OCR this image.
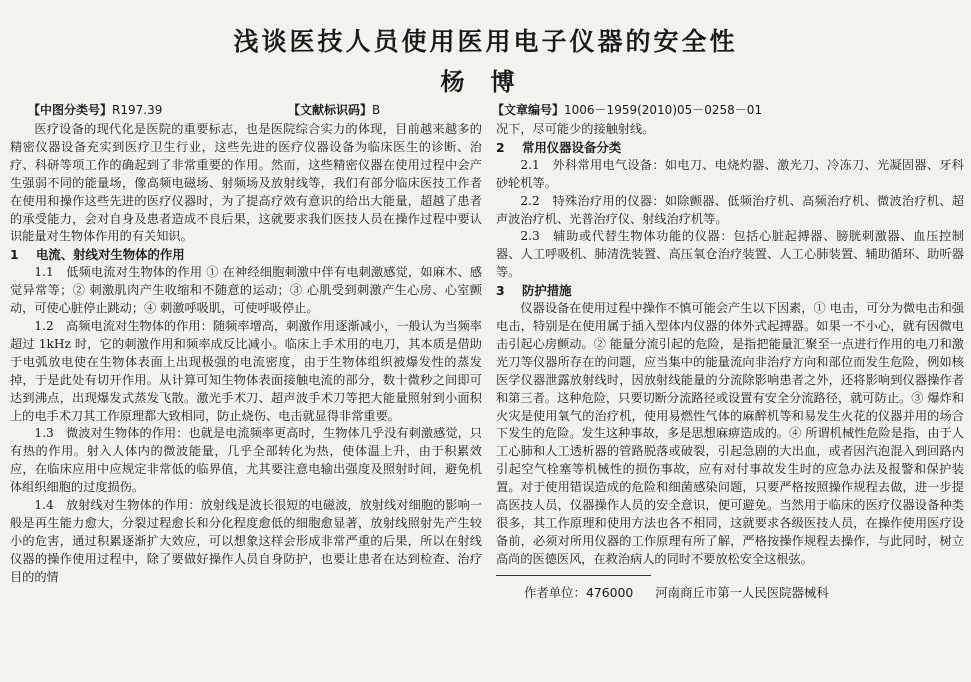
浅谈医技人员使用医用电子仪器的安全性
杨博
【中图分类号】R197.39	【文献标识码】B	【文章编号】1006－1959(2010)05－0258－01

医疗设备的现代化是医院的重要标志，也是医院综合实力的体现，目前越来越多的精密仪器设备充实到医疗卫生行业，这些先进的医疗仪器设备为临床医生的诊断、治疗、科研等项工作的确起到了非常重要的作用。然而，这些精密仪器在使用过程中会产生强弱不同的能量场，像高频电磁场、射频场及放射线等，我们有部分临床医技工作者在使用和操作这些先进的医疗仪器时，为了提高疗效有意识的给出大能量，超越了患者的承受能力，会对自身及患者造成不良后果，这就要求我们医技人员在操作过程中要认识能量对生物体作用的有关知识。

1 电流、射线对生物体的作用

1.1　低频电流对生物体的作用 ① 在神经细胞刺激中伴有电刺激感觉，如麻木、感觉异常等；② 刺激肌肉产生收缩和不随意的运动；③ 心肌受到刺激产生心房、心室颤动，可使心脏停止跳动；④ 刺激呼吸肌，可使呼吸停止。

1.2　高频电流对生物体的作用：随频率增高，刺激作用逐渐减小，一般认为当频率超过 1kHz 时，它的刺激作用和频率成反比减小。临床上手术用的电刀，其本质是借助于电弧放电使在生物体表面上出现极强的电流密度，由于生物体组织被爆发性的蒸发掉，于是此处有切开作用。从计算可知生物体表面接触电流的部分，数十微秒之间即可达到沸点，出现爆发式蒸发飞散。激光手术刀、超声波手术刀等把大能量照射到小面积上的电手术刀其工作原理都大致相同，防止烧伤、电击就显得非常重要。

1.3　微波对生物体的作用：也就是电流频率更高时，生物体几乎没有刺激感觉，只有热的作用。射入人体内的微波能量，几乎全部转化为热，使体温上升，由于积累效应，在临床应用中应规定非常低的临界值，尤其要注意电输出强度及照射时间，避免机体组织细胞的过度损伤。

1.4　放射线对生物体的作用：放射线是波长很短的电磁波，放射线对细胞的影响一般是再生能力愈大，分裂过程愈长和分化程度愈低的细胞愈显著，放射线照射先产生较小的危害，通过积累逐渐扩大效应，可以想象这样会形成非常严重的后果，所以在射线仪器的操作使用过程中，除了要做好操作人员自身防护，也要让患者在达到检查、治疗目的的情

况下，尽可能少的接触射线。

2 常用仪器设备分类

2.1　外科常用电气设备：如电刀、电烧灼器、激光刀、冷冻刀、光凝固器、牙科砂轮机等。

2.2　特殊治疗用的仪器：如除颤器、低频治疗机、高频治疗机、微波治疗机、超声波治疗机、光普治疗仪、射线治疗机等。

2.3　辅助或代替生物体功能的仪器：包括心脏起搏器、膀胱刺激器、血压控制器、人工呼吸机、肺清洗装置、高压氧仓治疗装置、人工心肺装置、辅助循环、助听器等。

3 防护措施

仪器设备在使用过程中操作不慎可能会产生以下因素，① 电击，可分为微电击和强电击，特别是在使用属于插入型体内仪器的体外式起搏器。如果一不小心，就有因微电击引起心房颤动。② 能量分流引起的危险，是指把能量汇聚至一点进行作用的电刀和激光刀等仪器所存在的问题，应当集中的能量流向非治疗方向和部位而发生危险，例如核医学仪器泄露放射线时，因放射线能量的分流除影响患者之外，还将影响到仪器操作者和第三者。这种危险，只要切断分流路径或设置有安全分流路径，就可防止。③ 爆炸和火灾是使用氧气的治疗机，使用易燃性气体的麻醉机等和易发生火花的仪器并用的场合下发生的危险。发生这种事故，多是思想麻痹造成的。④ 所谓机械性危险是指，由于人工心肺和人工透析器的管路脱落或破裂，引起急剧的大出血，或者因汽泡混入到回路内引起空气栓塞等机械性的损伤事故，应有对付事故发生时的应急办法及报警和保护装置。对于使用错误造成的危险和细菌感染问题，只要严格按照操作规程去做，进一步提高医技人员，仪器操作人员的安全意识，便可避免。当然用于临床的医疗仪器设备种类很多，其工作原理和使用方法也各不相同，这就要求各级医技人员，在操作使用医疗设备前，必须对所用仪器的工作原理有所了解，严格按操作规程去操作，与此同时，树立高尚的医德医风，在救治病人的同时不要放松安全这根弦。

作者单位：476000 河南商丘市第一人民医院器械科
